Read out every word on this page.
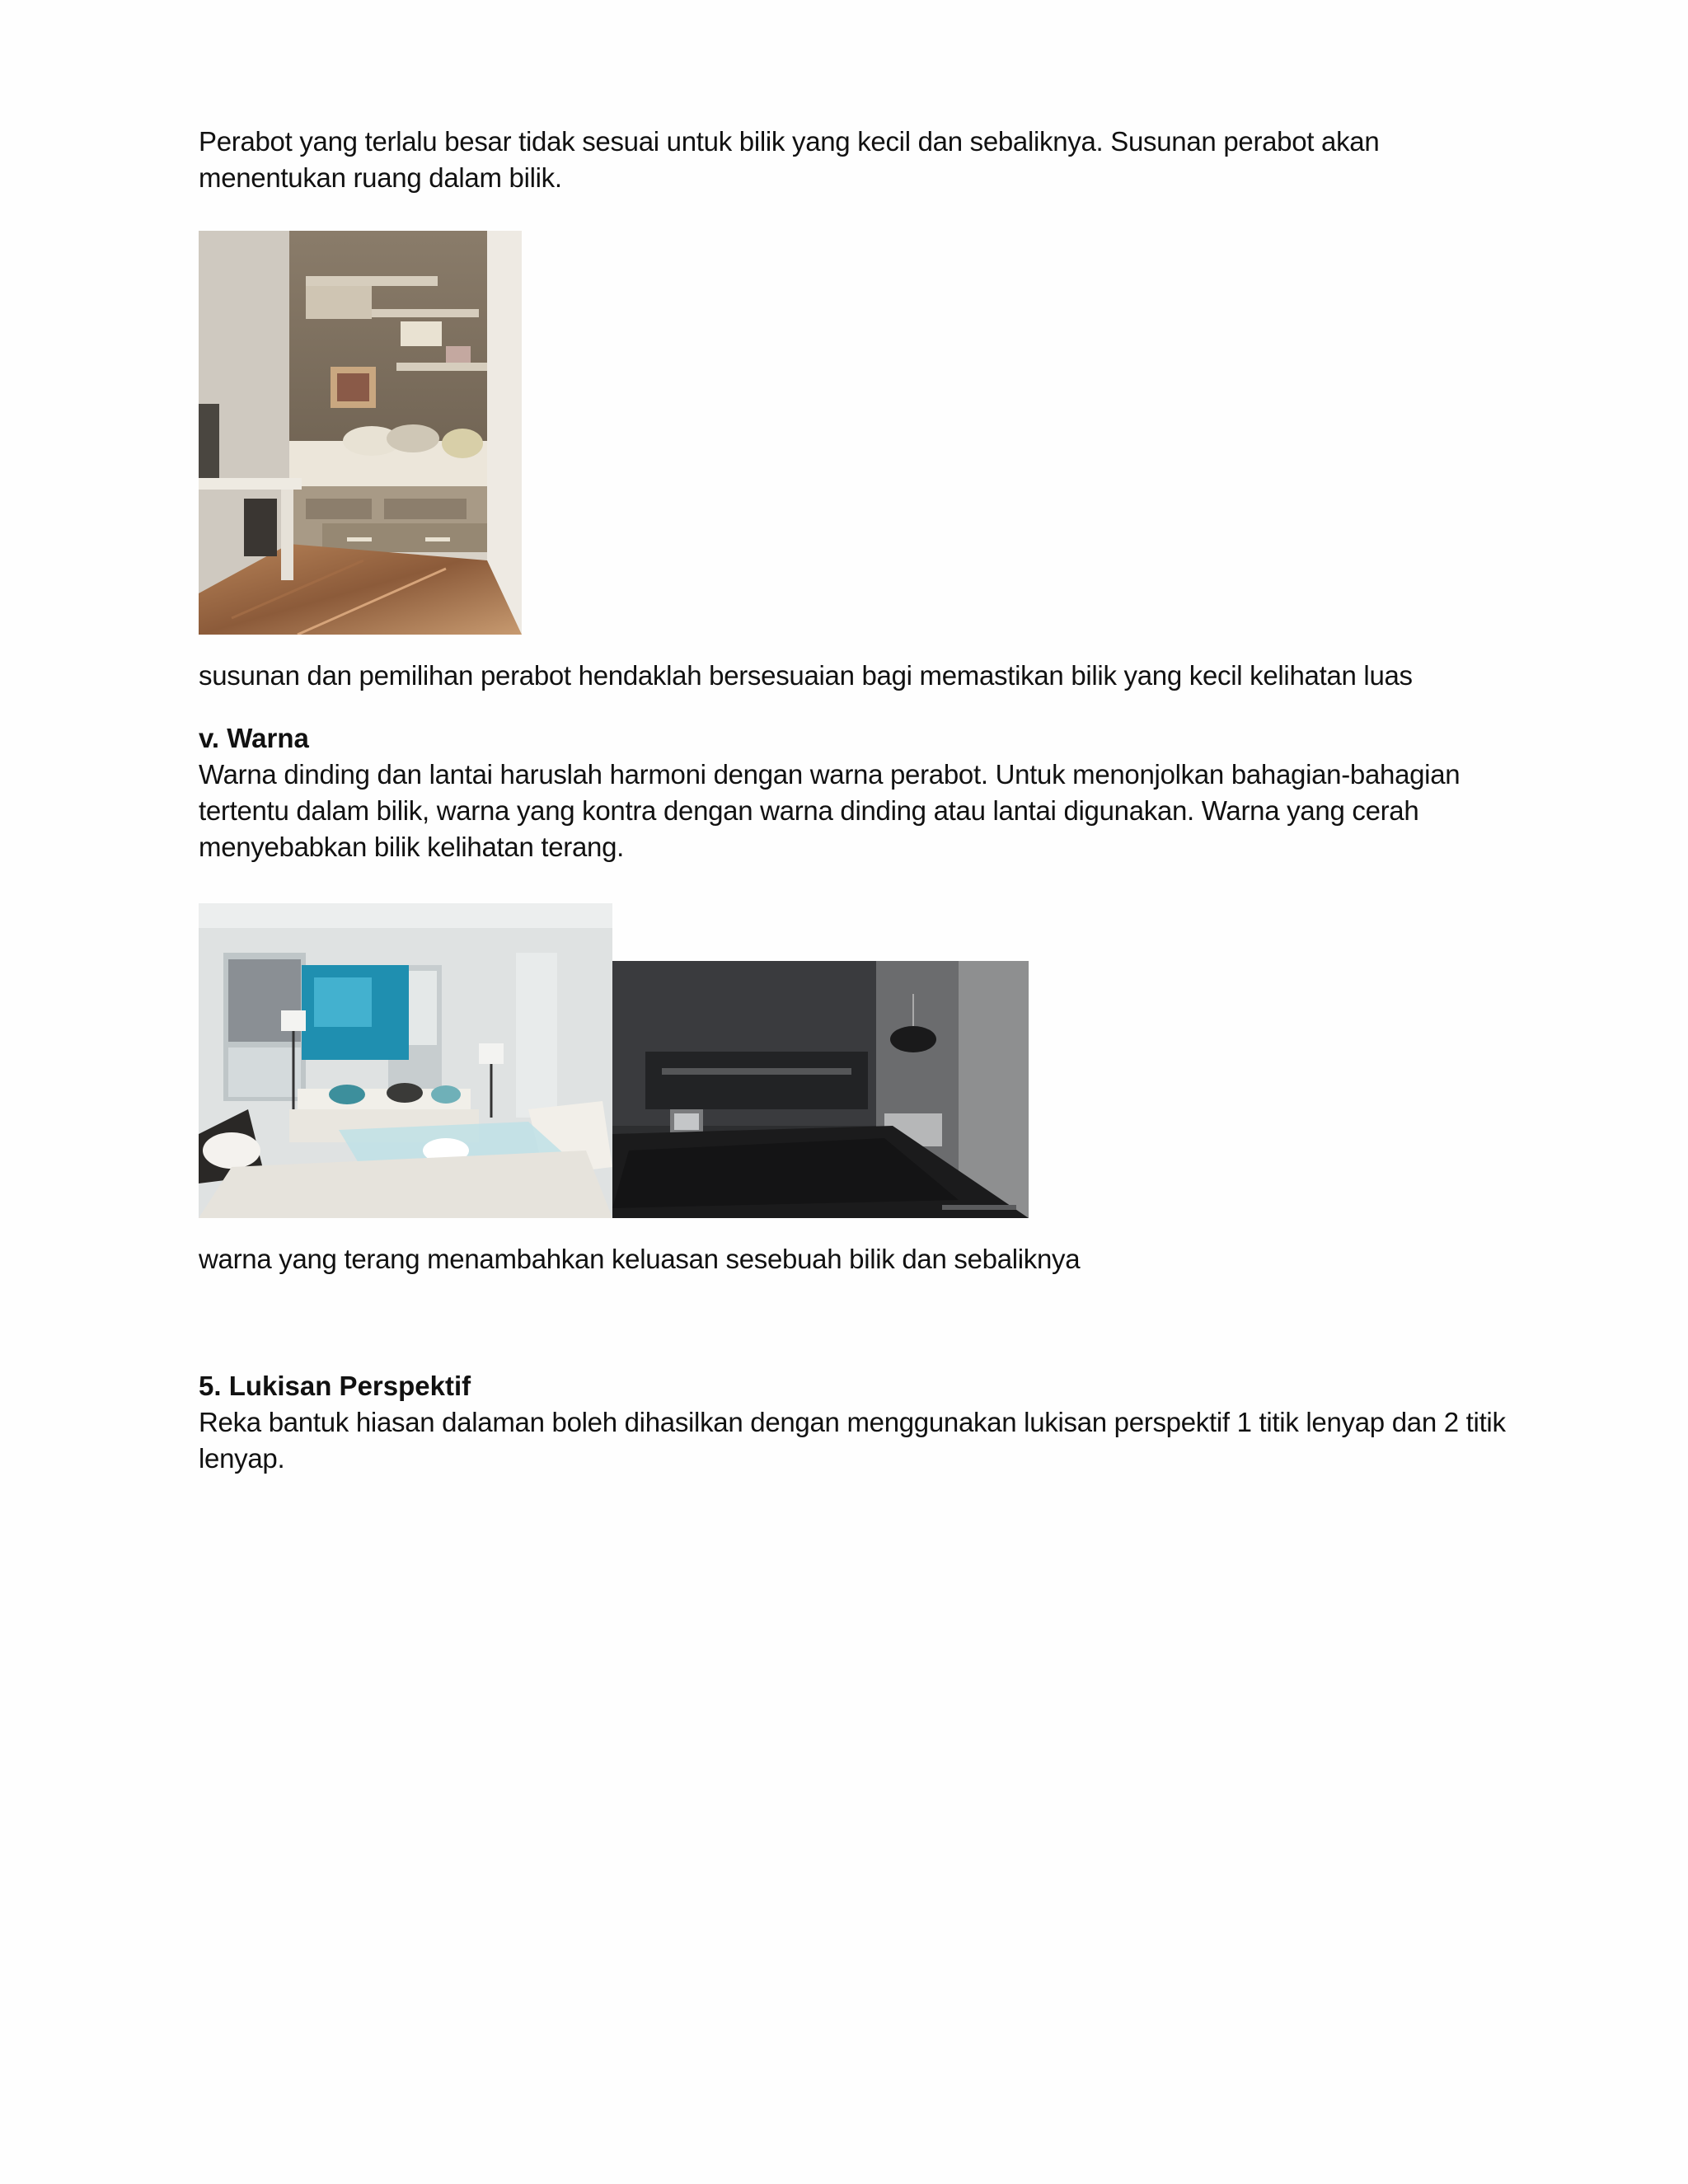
Perabot yang terlalu besar tidak sesuai untuk bilik yang kecil dan sebaliknya. Susunan perabot akan menentukan ruang dalam bilik.

susunan dan pemilihan perabot hendaklah bersesuaian bagi memastikan bilik yang kecil kelihatan luas

v. Warna

Warna dinding dan lantai haruslah harmoni dengan warna perabot. Untuk menonjolkan bahagian-bahagian tertentu dalam bilik, warna yang kontra dengan warna dinding atau lantai digunakan. Warna yang cerah menyebabkan bilik kelihatan terang.

warna yang terang menambahkan keluasan sesebuah bilik dan sebaliknya

5. Lukisan Perspektif

Reka bantuk hiasan dalaman boleh dihasilkan dengan menggunakan lukisan perspektif 1 titik lenyap dan 2 titik lenyap.
